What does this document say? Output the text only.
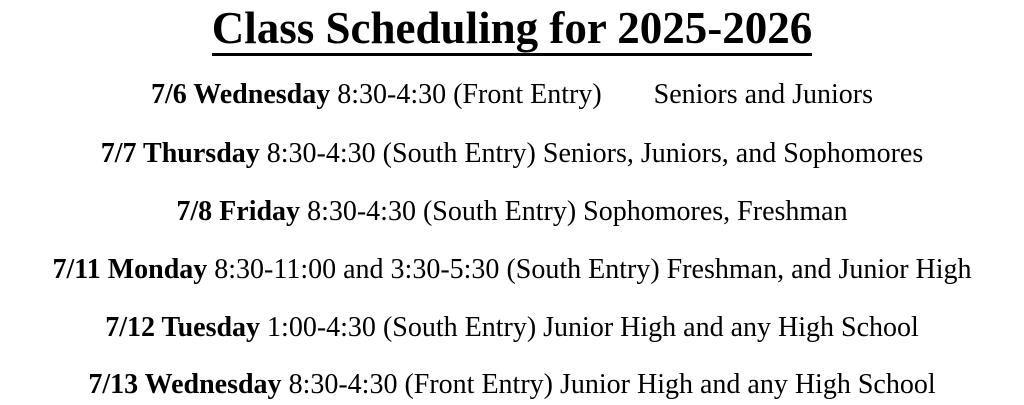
Class Scheduling for 2025-2026
7/6 Wednesday 8:30-4:30 (Front Entry) Seniors and Juniors
7/7 Thursday 8:30-4:30 (South Entry) Seniors, Juniors, and Sophomores
7/8 Friday 8:30-4:30 (South Entry) Sophomores, Freshman
7/11 Monday 8:30-11:00 and 3:30-5:30 (South Entry) Freshman, and Junior High
7/12 Tuesday 1:00-4:30 (South Entry) Junior High and any High School
7/13 Wednesday 8:30-4:30 (Front Entry) Junior High and any High School
